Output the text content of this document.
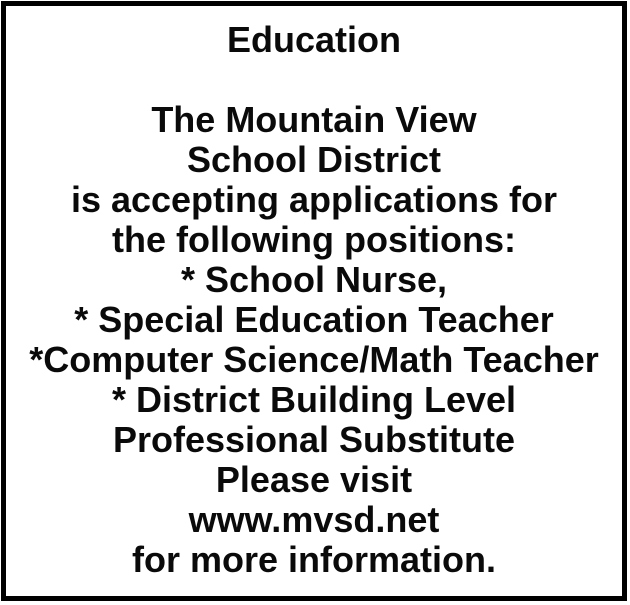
Education
The Mountain View
School District
is accepting applications for
the following positions:
* School Nurse,
* Special Education Teacher
*Computer Science/Math Teacher
* District Building Level
Professional Substitute
Please visit
www.mvsd.net
for more information.
